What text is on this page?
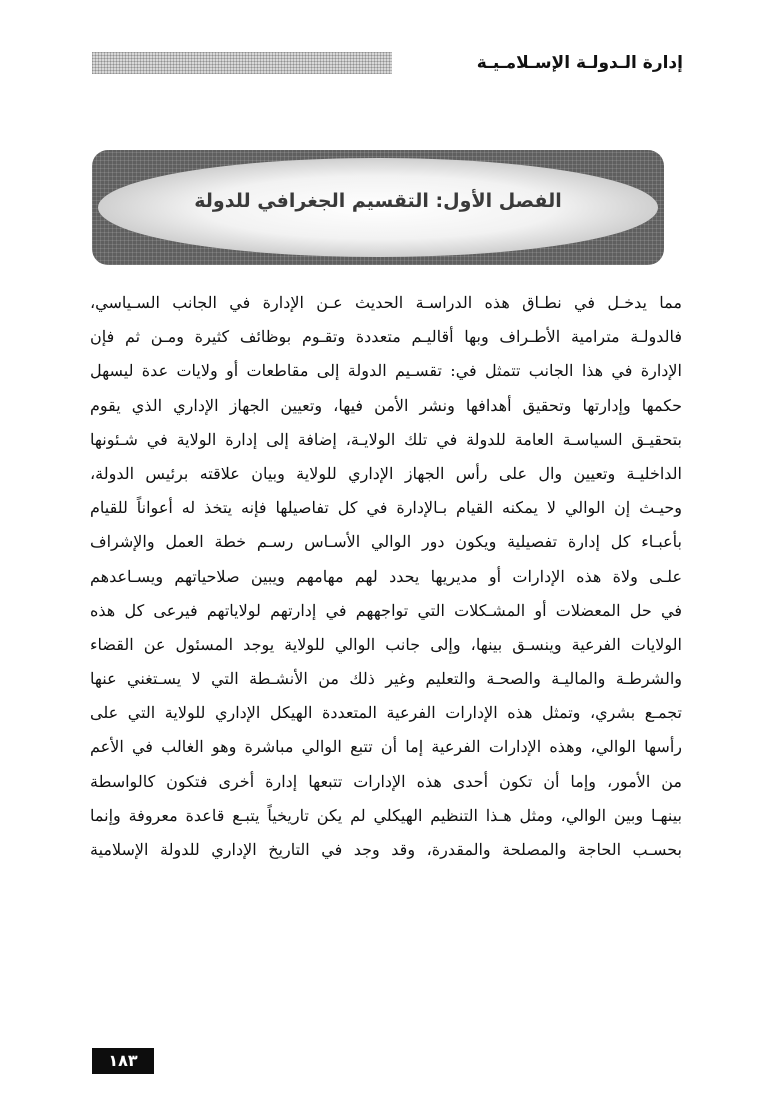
إدارة الـدولـة الإسـلامـيـة
الفصل الأول: التقسيم الجغرافي للدولة
مما يدخـل في نطـاق هذه الدراسـة الحديث عـن الإدارة في الجانب السـياسي،
فالدولـة مترامية الأطـراف وبها أقاليـم متعددة وتقـوم بوظائف كثيرة ومـن ثم فإن
الإدارة في هذا الجانب تتمثل في: تقسـيم الدولة إلى مقاطعات أو ولايات عدة ليسهل
حكمها وإدارتها وتحقيق أهدافها ونشر الأمن فيها، وتعيين الجهاز الإداري الذي يقوم
بتحقيـق السياسـة العامة للدولة في تلك الولايـة، إضافة إلى إدارة الولاية في شـئونها
الداخليـة وتعيين وال على رأس الجهاز الإداري للولاية وبيان علاقته برئيس الدولة،
وحيـث إن الوالي لا يمكنه القيام بـالإدارة في كل تفاصيلها فإنه يتخذ له أعواناً للقيام
بأعبـاء كل إدارة تفصيلية ويكون دور الوالي الأسـاس رسـم خطة العمل والإشراف
علـى ولاة هذه الإدارات أو مديريها يحدد لهم مهامهم ويبين صلاحياتهم ويسـاعدهم
في حل المعضلات أو المشـكلات التي تواجههم في إدارتهم لولاياتهم فيرعى كل هذه
الولايات الفرعية وينسـق بينها، وإلى جانب الوالي للولاية يوجد المسئول عن القضاء
والشرطـة والماليـة والصحـة والتعليم وغير ذلك من الأنشـطة التي لا يسـتغني عنها
تجمـع بشري، وتمثل هذه الإدارات الفرعية المتعددة الهيكل الإداري للولاية التي على
رأسها الوالي، وهذه الإدارات الفرعية إما أن تتبع الوالي مباشرة وهو الغالب في الأعم
من الأمور، وإما أن تكون أحدى هذه الإدارات تتبعها إدارة أخرى فتكون كالواسطة
بينهـا وبين الوالي، ومثل هـذا التنظيم الهيكلي لم يكن تاريخياً يتبـع قاعدة معروفة وإنما
بحسـب الحاجة والمصلحة والمقدرة، وقد وجد في التاريخ الإداري للدولة الإسلامية
١٨٣
